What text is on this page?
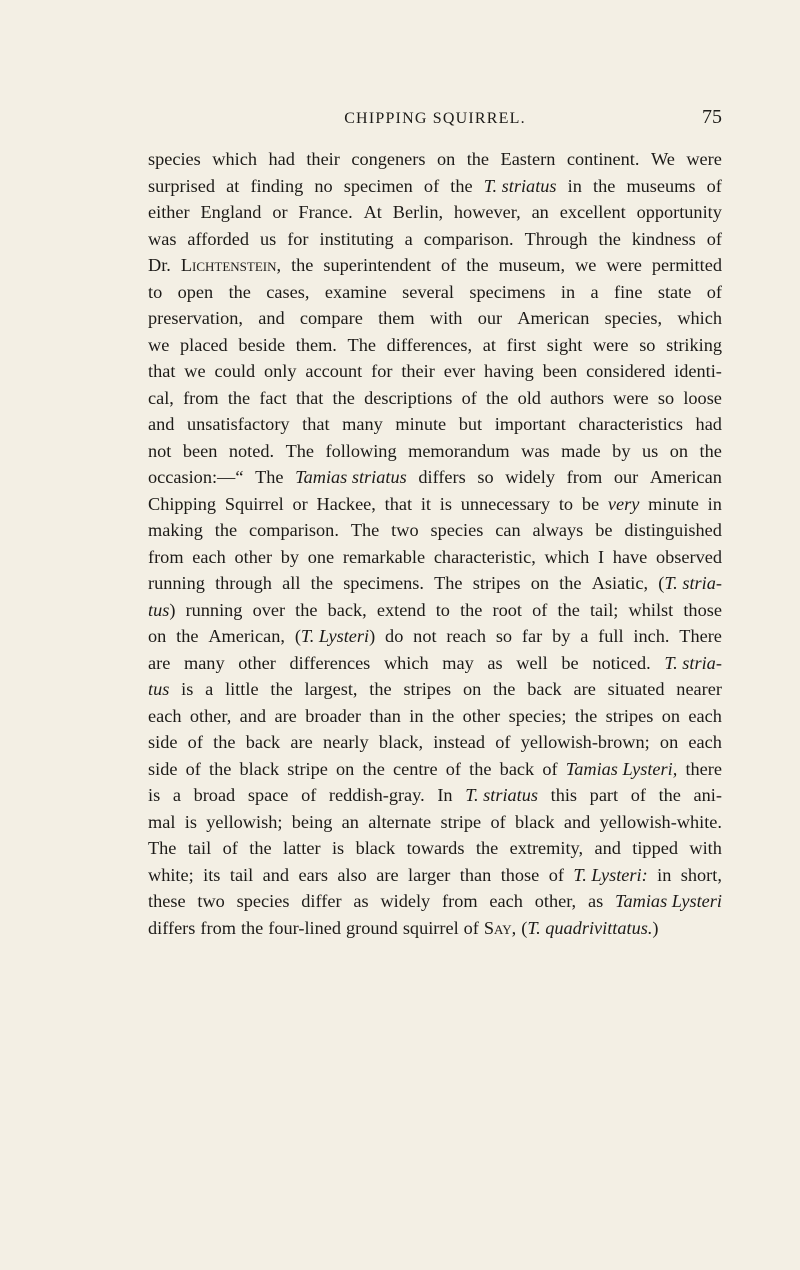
CHIPPING SQUIRREL.	75
species which had their congeners on the Eastern continent. We were
surprised at finding no specimen of the T. striatus in the museums of
either England or France. At Berlin, however, an excellent opportunity
was afforded us for instituting a comparison. Through the kindness of
Dr. Lichtenstein, the superintendent of the museum, we were permitted
to open the cases, examine several specimens in a fine state of
preservation, and compare them with our American species, which
we placed beside them. The differences, at first sight were so striking
that we could only account for their ever having been considered identi-
cal, from the fact that the descriptions of the old authors were so loose
and unsatisfactory that many minute but important characteristics had
not been noted. The following memorandum was made by us on the
occasion:—“ The Tamias striatus differs so widely from our American
Chipping Squirrel or Hackee, that it is unnecessary to be very minute in
making the comparison. The two species can always be distinguished
from each other by one remarkable characteristic, which I have observed
running through all the specimens. The stripes on the Asiatic, (T. stria-
tus) running over the back, extend to the root of the tail; whilst those
on the American, (T. Lysteri) do not reach so far by a full inch. There
are many other differences which may as well be noticed. T. stria-
tus is a little the largest, the stripes on the back are situated nearer
each other, and are broader than in the other species; the stripes on each
side of the back are nearly black, instead of yellowish-brown; on each
side of the black stripe on the centre of the back of Tamias Lysteri, there
is a broad space of reddish-gray. In T. striatus this part of the ani-
mal is yellowish; being an alternate stripe of black and yellowish-white.
The tail of the latter is black towards the extremity, and tipped with
white; its tail and ears also are larger than those of T. Lysteri: in short,
these two species differ as widely from each other, as Tamias Lysteri
differs from the four-lined ground squirrel of Say, (T. quadrivittatus.)
